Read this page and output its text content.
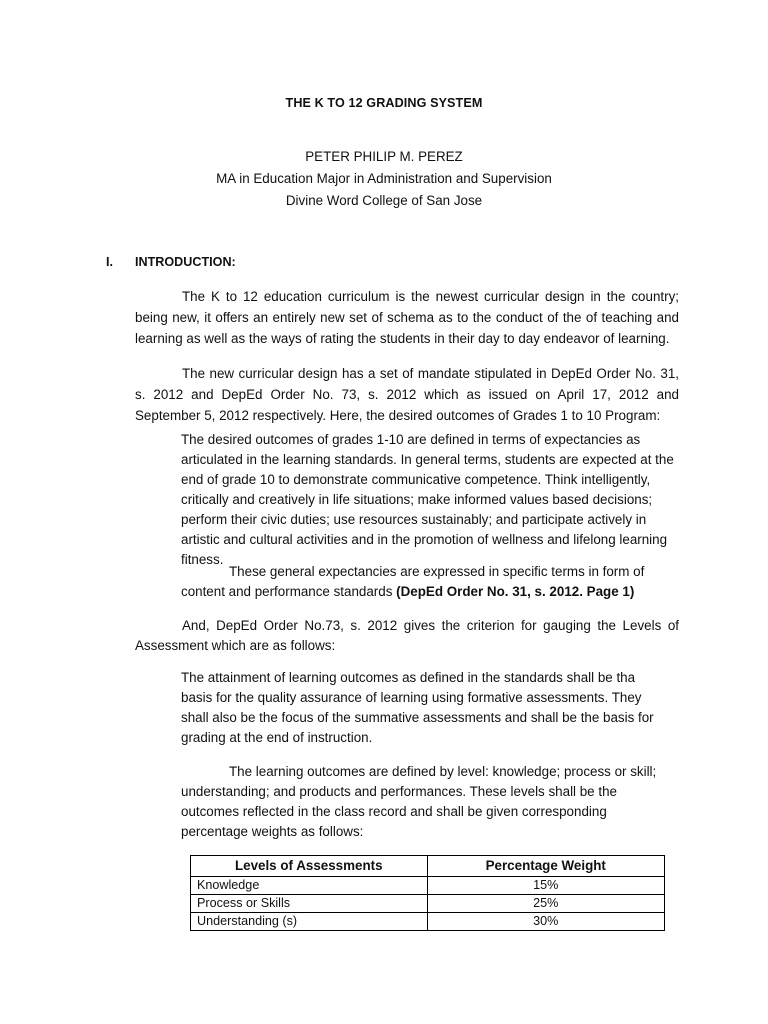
THE K TO 12 GRADING SYSTEM
PETER PHILIP M. PEREZ
MA in Education Major in Administration and Supervision
Divine Word College of San Jose
I. INTRODUCTION:

The K to 12 education curriculum is the newest curricular design in the country; being new, it offers an entirely new set of schema as to the conduct of the of teaching and learning as well as the ways of rating the students in their day to day endeavor of learning.

The new curricular design has a set of mandate stipulated in DepEd Order No. 31, s. 2012 and DepEd Order No. 73, s. 2012 which as issued on April 17, 2012 and September 5, 2012 respectively. Here, the desired outcomes of Grades 1 to 10 Program:

The desired outcomes of grades 1-10 are defined in terms of expectancies as articulated in the learning standards. In general terms, students are expected at the end of grade 10 to demonstrate communicative competence. Think intelligently, critically and creatively in life situations; make informed values based decisions; perform their civic duties; use resources sustainably; and participate actively in artistic and cultural activities and in the promotion of wellness and lifelong learning fitness.

These general expectancies are expressed in specific terms in form of content and performance standards (DepEd Order No. 31, s. 2012. Page 1)

And, DepEd Order No.73, s. 2012 gives the criterion for gauging the Levels of Assessment which are as follows:

The attainment of learning outcomes as defined in the standards shall be tha basis for the quality assurance of learning using formative assessments. They shall also be the focus of the summative assessments and shall be the basis for grading at the end of instruction.

The learning outcomes are defined by level: knowledge; process or skill; understanding; and products and performances. These levels shall be the outcomes reflected in the class record and shall be given corresponding percentage weights as follows:

Levels of Assessments	Percentage Weight
Knowledge	15%
Process or Skills	25%
Understanding (s)	30%
